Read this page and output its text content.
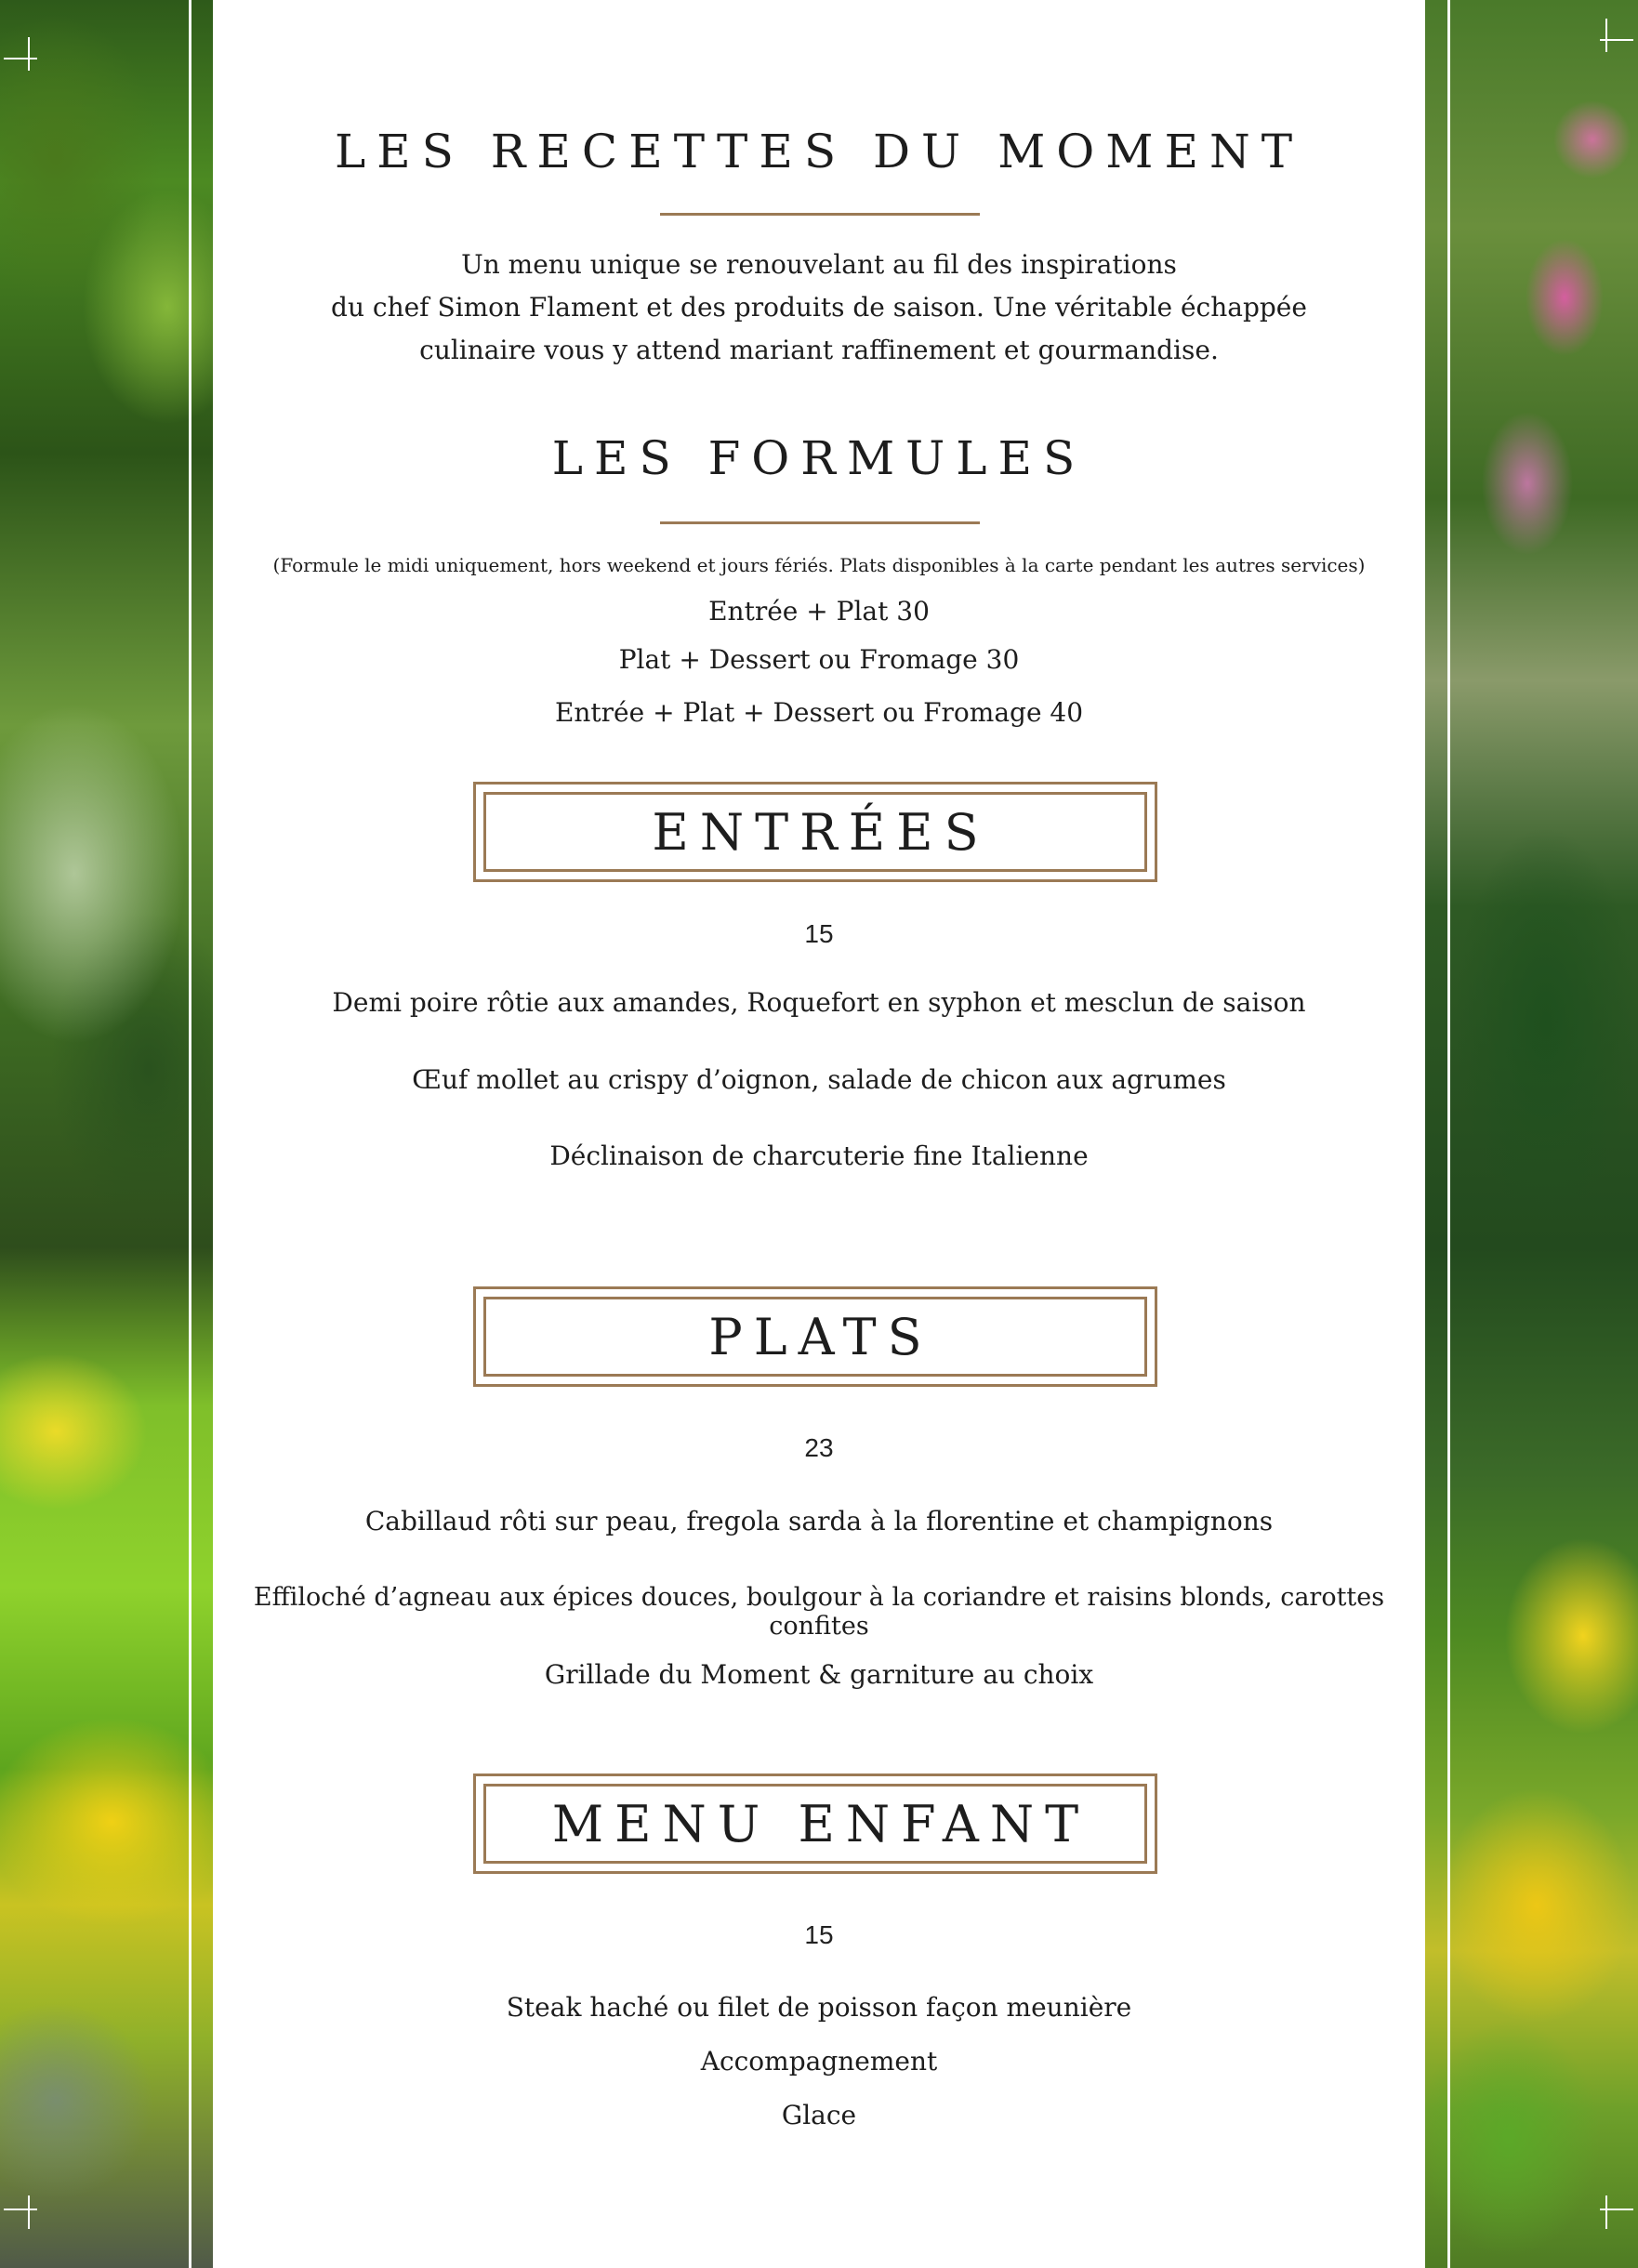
LES RECETTES DU MOMENT

Un menu unique se renouvelant au fil des inspirations

du chef Simon Flament et des produits de saison. Une véritable échappée

culinaire vous y attend mariant raffinement et gourmandise.

LES FORMULES
(Formule le midi uniquement, hors weekend et jours fériés. Plats disponibles à la carte pendant les autres services)
Entrée + Plat 30
Plat + Dessert ou Fromage 30
Entrée + Plat + Dessert ou Fromage 40
ENTRÉES
15
Demi poire rôtie aux amandes, Roquefort en syphon et mesclun de saison
Œuf mollet au crispy d’oignon, salade de chicon aux agrumes
Déclinaison de charcuterie fine Italienne
PLATS
23
Cabillaud rôti sur peau, fregola sarda à la florentine et champignons
Effiloché d’agneau aux épices douces, boulgour à la coriandre et raisins blonds, carottes confites
Grillade du Moment & garniture au choix
MENU ENFANT
15
Steak haché ou filet de poisson façon meunière
Accompagnement
Glace
